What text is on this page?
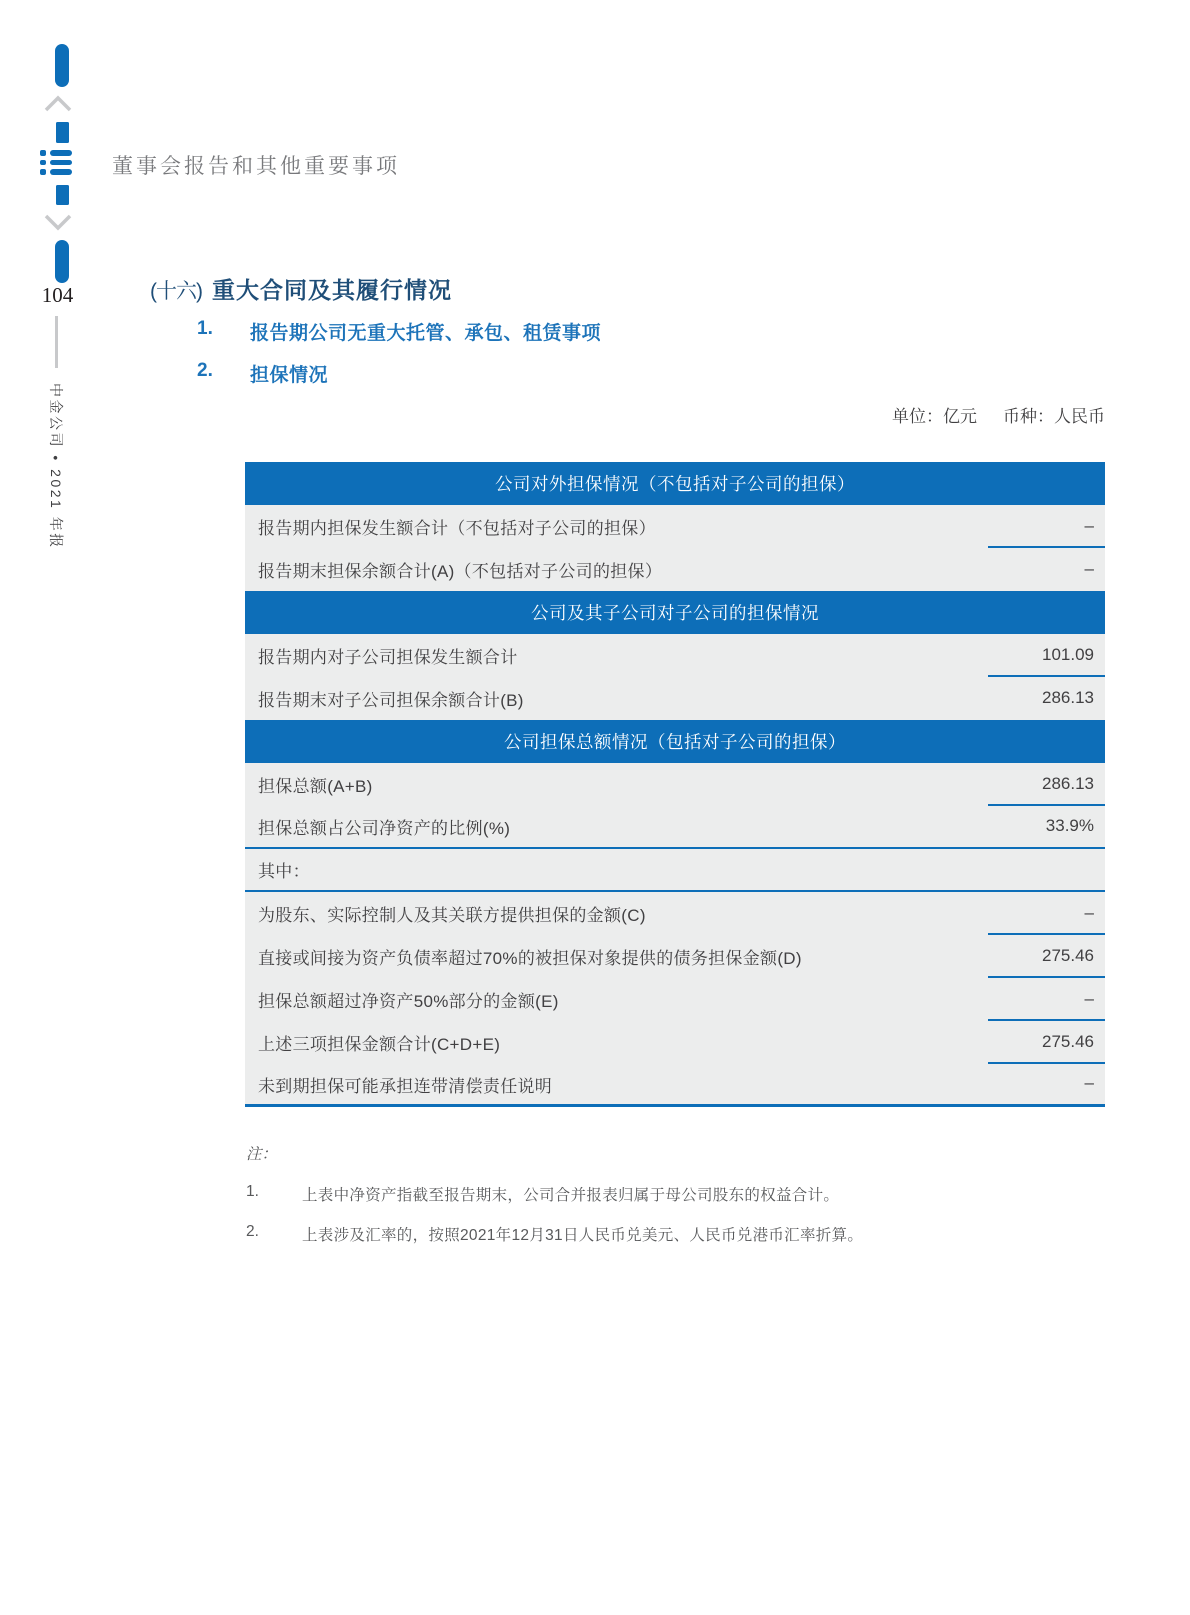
104
中金公司 • 2021 年报
董事会报告和其他重要事项
(十六) 重大合同及其履行情况
1.	报告期公司无重大托管、承包、租赁事项
2.	担保情况
单位：亿元 币种：人民币
公司对外担保情况（不包括对子公司的担保）
报告期内担保发生额合计（不包括对子公司的担保）	–
报告期末担保余额合计(A)（不包括对子公司的担保）	–
公司及其子公司对子公司的担保情况
报告期内对子公司担保发生额合计	101.09
报告期末对子公司担保余额合计(B)	286.13
公司担保总额情况（包括对子公司的担保）
担保总额(A+B)	286.13
担保总额占公司净资产的比例(%)	33.9%
其中：
为股东、实际控制人及其关联方提供担保的金额(C)	–
直接或间接为资产负债率超过70%的被担保对象提供的债务担保金额(D)	275.46
担保总额超过净资产50%部分的金额(E)	–
上述三项担保金额合计(C+D+E)	275.46
未到期担保可能承担连带清偿责任说明	–
注：
1.	上表中净资产指截至报告期末，公司合并报表归属于母公司股东的权益合计。
2.	上表涉及汇率的，按照2021年12月31日人民币兑美元、人民币兑港币汇率折算。
